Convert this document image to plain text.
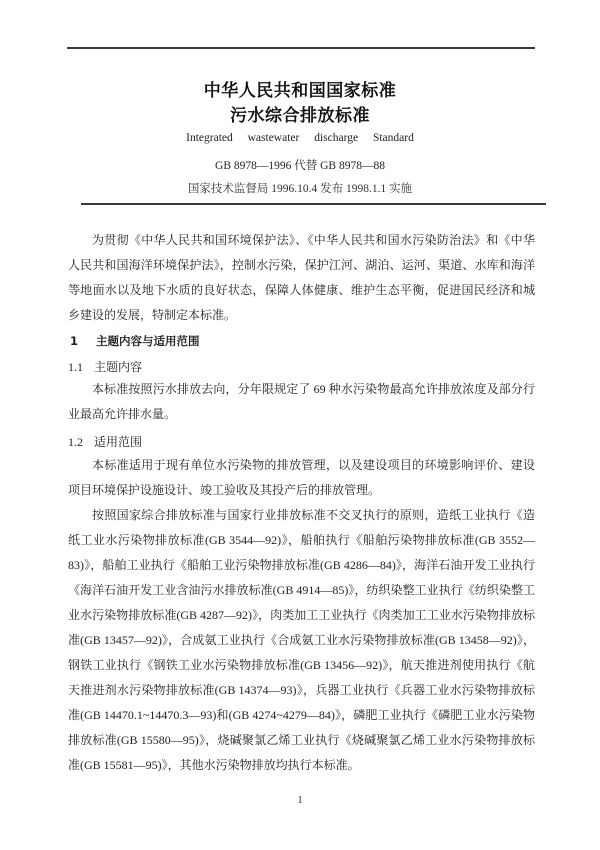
中华人民共和国国家标准
污水综合排放标准
Integrated wastewater discharge Standard
GB 8978—1996 代替 GB 8978—88
国家技术监督局 1996.10.4 发布 1998.1.1 实施

为贯彻《中华人民共和国环境保护法》、《中华人民共和国水污染防治法》和《中华人民共和国海洋环境保护法》，控制水污染，保护江河、湖泊、运河、渠道、水库和海洋等地面水以及地下水质的良好状态，保障人体健康、维护生态平衡，促进国民经济和城乡建设的发展，特制定本标准。

1 主题内容与适用范围
1.1 主题内容

本标准按照污水排放去向，分年限规定了 69 种水污染物最高允许排放浓度及部分行业最高允许排水量。

1.2 适用范围

本标准适用于现有单位水污染物的排放管理，以及建设项目的环境影响评价、建设项目环境保护设施设计、竣工验收及其投产后的排放管理。

按照国家综合排放标准与国家行业排放标准不交叉执行的原则，造纸工业执行《造纸工业水污染物排放标准(GB 3544—92)》，船舶执行《船舶污染物排放标准(GB 3552—83)》，船舶工业执行《船舶工业污染物排放标准(GB 4286—84)》，海洋石油开发工业执行《海洋石油开发工业含油污水排放标准(GB 4914—85)》，纺织染整工业执行《纺织染整工业水污染物排放标准(GB 4287—92)》，肉类加工工业执行《肉类加工工业水污染物排放标准(GB 13457—92)》，合成氨工业执行《合成氨工业水污染物排放标准(GB 13458—92)》，钢铁工业执行《钢铁工业水污染物排放标准(GB 13456—92)》，航天推进剂使用执行《航天推进剂水污染物排放标准(GB 14374—93)》，兵器工业执行《兵器工业水污染物排放标准(GB 14470.1~14470.3—93)和(GB 4274~4279—84)》，磷肥工业执行《磷肥工业水污染物排放标准(GB 15580—95)》，烧碱聚氯乙烯工业执行《烧碱聚氯乙烯工业水污染物排放标准(GB 15581—95)》，其他水污染物排放均执行本标准。

1
